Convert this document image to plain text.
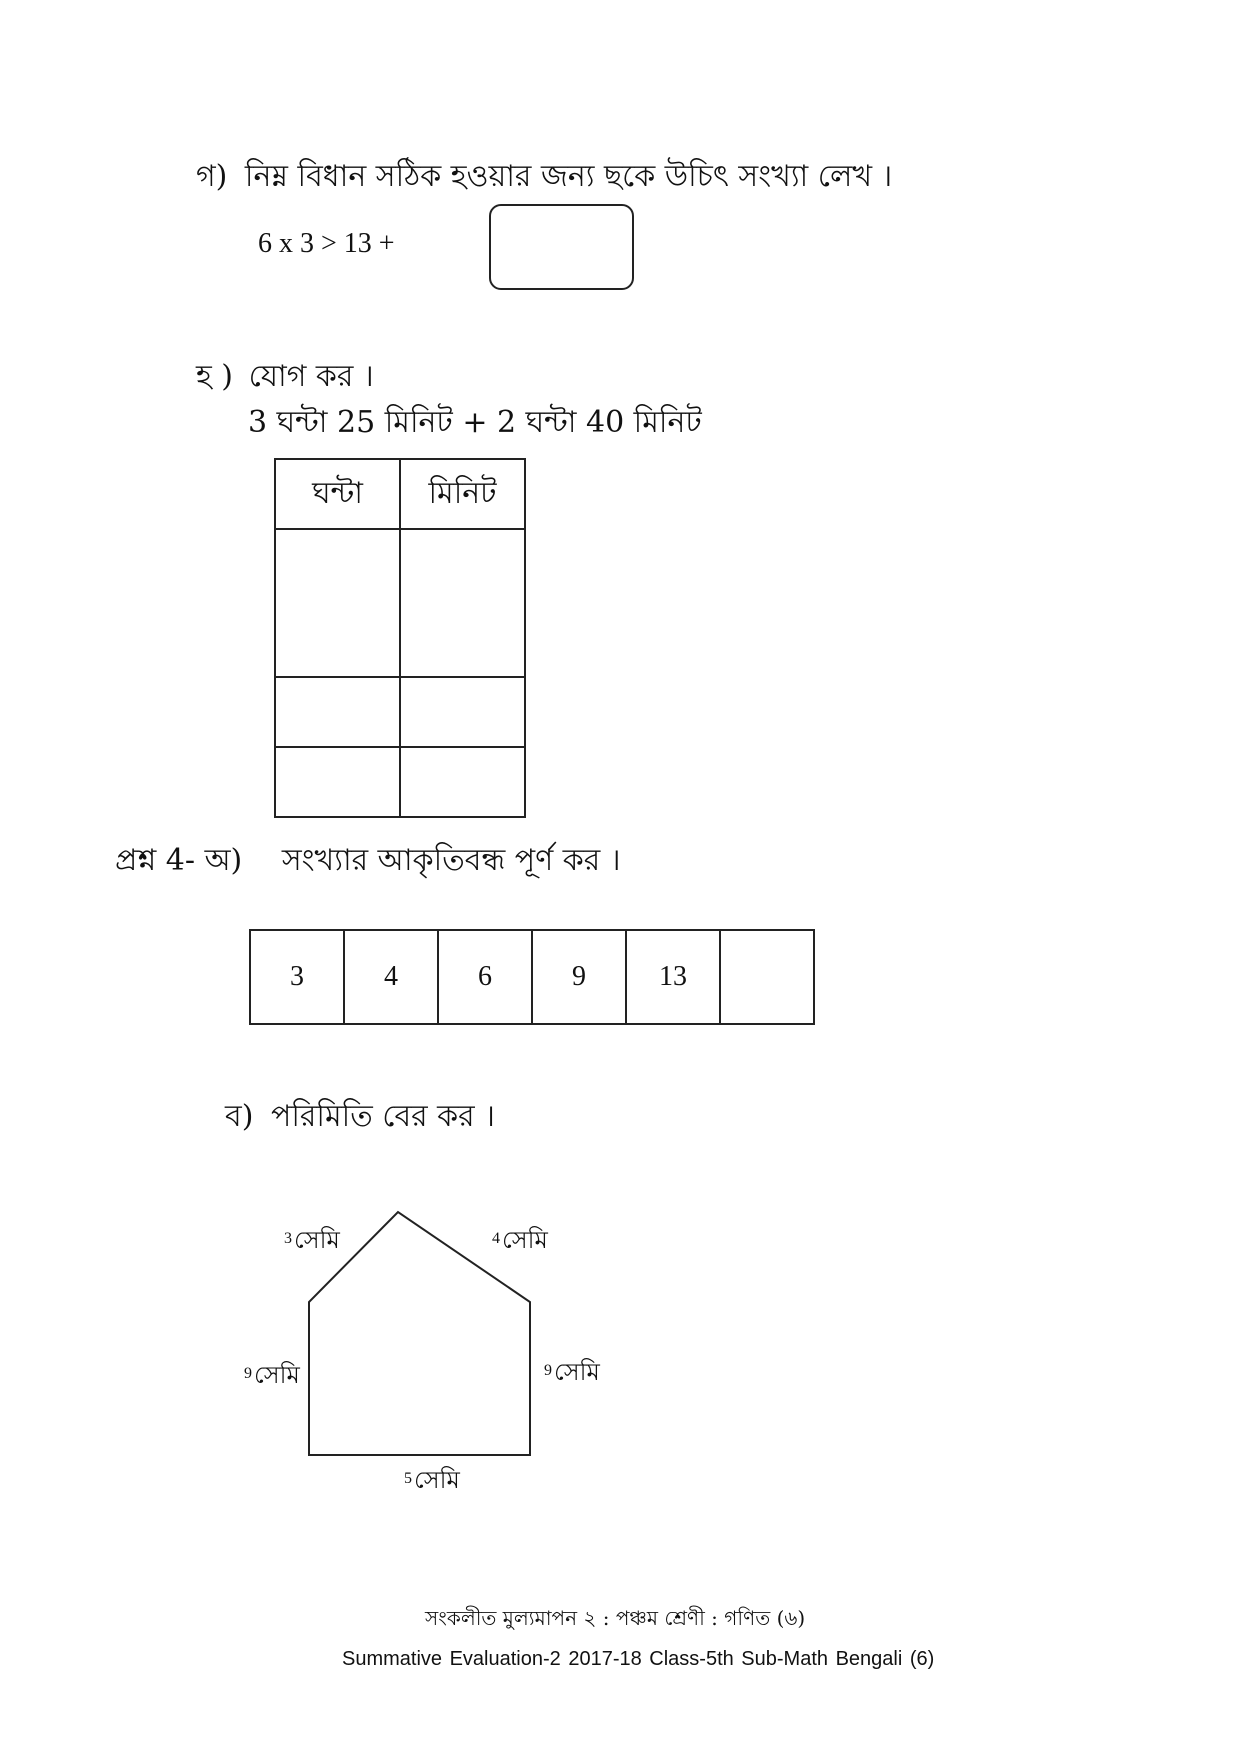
গ) নিম্ন বিধান সঠিক হওয়ার জন্য ছকে উচিৎ সংখ্যা লেখ ।
6 x 3 > 13 +
হ ) যোগ কর ।
3 ঘন্টা 25 মিনিট + 2 ঘন্টা 40 মিনিট
ঘন্টা	মিনিট

প্রশ্ন 4- অ) সংখ্যার আকৃতিবন্ধ পূর্ণ কর ।
3	4	6	9	13	
ব) পরিমিতি বের কর ।
$^3$সেমি	$^4$সেমি
$^9$সেমি	$^9$সেমি
$^5$সেমি
সংকলীত মুল্যমাপন ২ : পঞ্চম শ্রেণী : গণিত (৬)
Summative Evaluation-2 2017-18 Class-5th Sub-Math Bengali (6)
